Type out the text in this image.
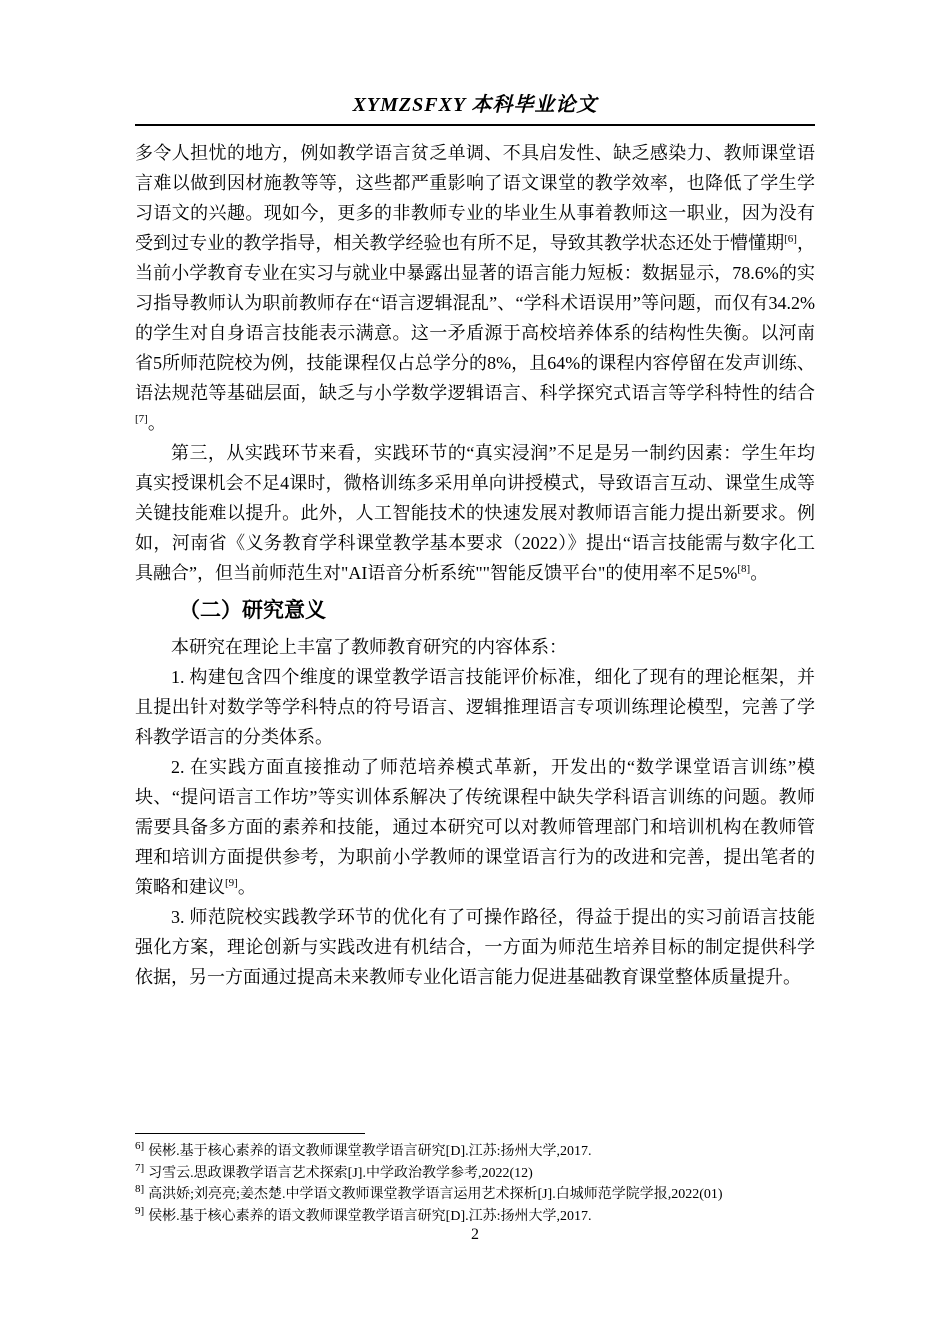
XYMZSFXY 本科毕业论文

多令人担忧的地方，例如教学语言贫乏单调、不具启发性、缺乏感染力、教师课堂语言难以做到因材施教等等，这些都严重影响了语文课堂的教学效率，也降低了学生学习语文的兴趣。现如今，更多的非教师专业的毕业生从事着教师这一职业，因为没有受到过专业的教学指导，相关教学经验也有所不足，导致其教学状态还处于懵懂期[6]，当前小学教育专业在实习与就业中暴露出显著的语言能力短板：数据显示，78.6%的实习指导教师认为职前教师存在“语言逻辑混乱”、“学科术语误用”等问题，而仅有34.2%的学生对自身语言技能表示满意。这一矛盾源于高校培养体系的结构性失衡。以河南省5所师范院校为例，技能课程仅占总学分的8%，且64%的课程内容停留在发声训练、语法规范等基础层面，缺乏与小学数学逻辑语言、科学探究式语言等学科特性的结合[7]。

第三，从实践环节来看，实践环节的“真实浸润”不足是另一制约因素：学生年均真实授课机会不足4课时，微格训练多采用单向讲授模式，导致语言互动、课堂生成等关键技能难以提升。此外，人工智能技术的快速发展对教师语言能力提出新要求。例如，河南省《义务教育学科课堂教学基本要求（2022）》提出“语言技能需与数字化工具融合”，但当前师范生对"AI语音分析系统""智能反馈平台"的使用率不足5%[8]。

（二）研究意义

本研究在理论上丰富了教师教育研究的内容体系：

1. 构建包含四个维度的课堂教学语言技能评价标准，细化了现有的理论框架，并且提出针对数学等学科特点的符号语言、逻辑推理语言专项训练理论模型，完善了学科教学语言的分类体系。

2. 在实践方面直接推动了师范培养模式革新，开发出的“数学课堂语言训练”模块、“提问语言工作坊”等实训体系解决了传统课程中缺失学科语言训练的问题。教师需要具备多方面的素养和技能，通过本研究可以对教师管理部门和培训机构在教师管理和培训方面提供参考，为职前小学教师的课堂语言行为的改进和完善，提出笔者的策略和建议[9]。

3. 师范院校实践教学环节的优化有了可操作路径，得益于提出的实习前语言技能强化方案，理论创新与实践改进有机结合，一方面为师范生培养目标的制定提供科学依据，另一方面通过提高未来教师专业化语言能力促进基础教育课堂整体质量提升。

$^{6]}$ 侯彬.基于核心素养的语文教师课堂教学语言研究[D].江苏:扬州大学,2017.
$^{7]}$ 习雪云.思政课教学语言艺术探索[J].中学政治教学参考,2022(12)
$^{8]}$ 高洪娇;刘亮亮;姜杰楚.中学语文教师课堂教学语言运用艺术探析[J].白城师范学院学报,2022(01)
$^{9]}$ 侯彬.基于核心素养的语文教师课堂教学语言研究[D].江苏:扬州大学,2017.
2
